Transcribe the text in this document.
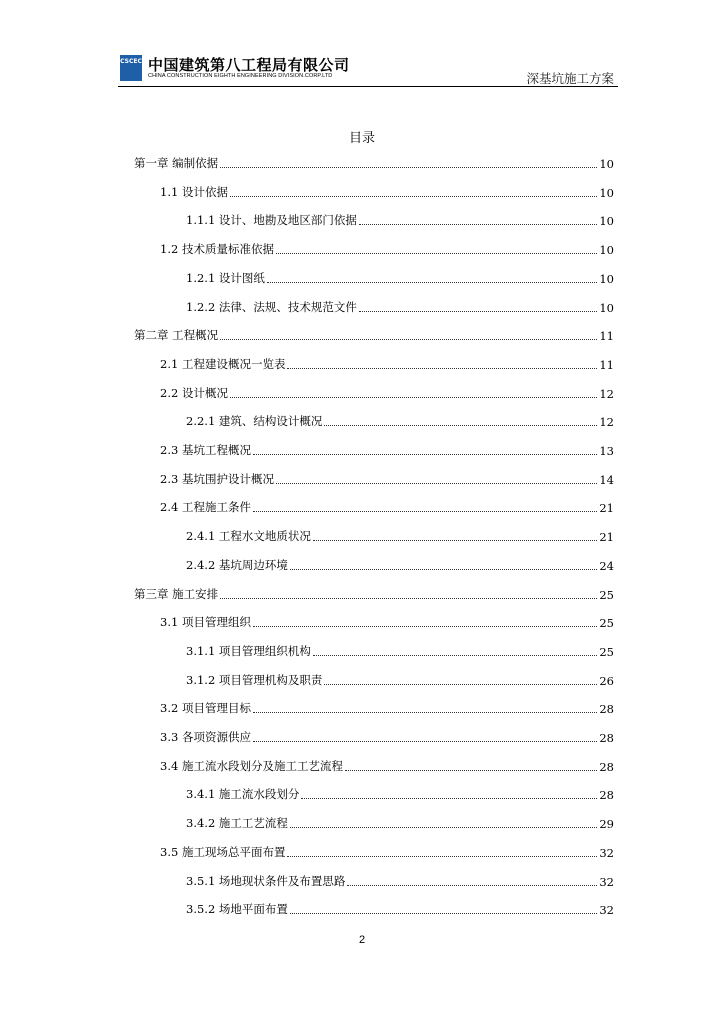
CSCEC 中国建筑第八工程局有限公司
CHINA CONSTRUCTION EIGHTH ENGINEERING DIVISION.CORP.LTD	深基坑施工方案
目录
第一章 编制依据	10
1.1 设计依据	10
1.1.1 设计、地勘及地区部门依据	10
1.2 技术质量标准依据	10
1.2.1 设计图纸	10
1.2.2 法律、法规、技术规范文件	10
第二章 工程概况	11
2.1 工程建设概况一览表	11
2.2 设计概况	12
2.2.1 建筑、结构设计概况	12
2.3 基坑工程概况	13
2.3 基坑围护设计概况	14
2.4 工程施工条件	21
2.4.1 工程水文地质状况	21
2.4.2 基坑周边环境	24
第三章 施工安排	25
3.1 项目管理组织	25
3.1.1 项目管理组织机构	25
3.1.2 项目管理机构及职责	26
3.2 项目管理目标	28
3.3 各项资源供应	28
3.4 施工流水段划分及施工工艺流程	28
3.4.1 施工流水段划分	28
3.4.2 施工工艺流程	29
3.5 施工现场总平面布置	32
3.5.1 场地现状条件及布置思路	32
3.5.2 场地平面布置	32
2
